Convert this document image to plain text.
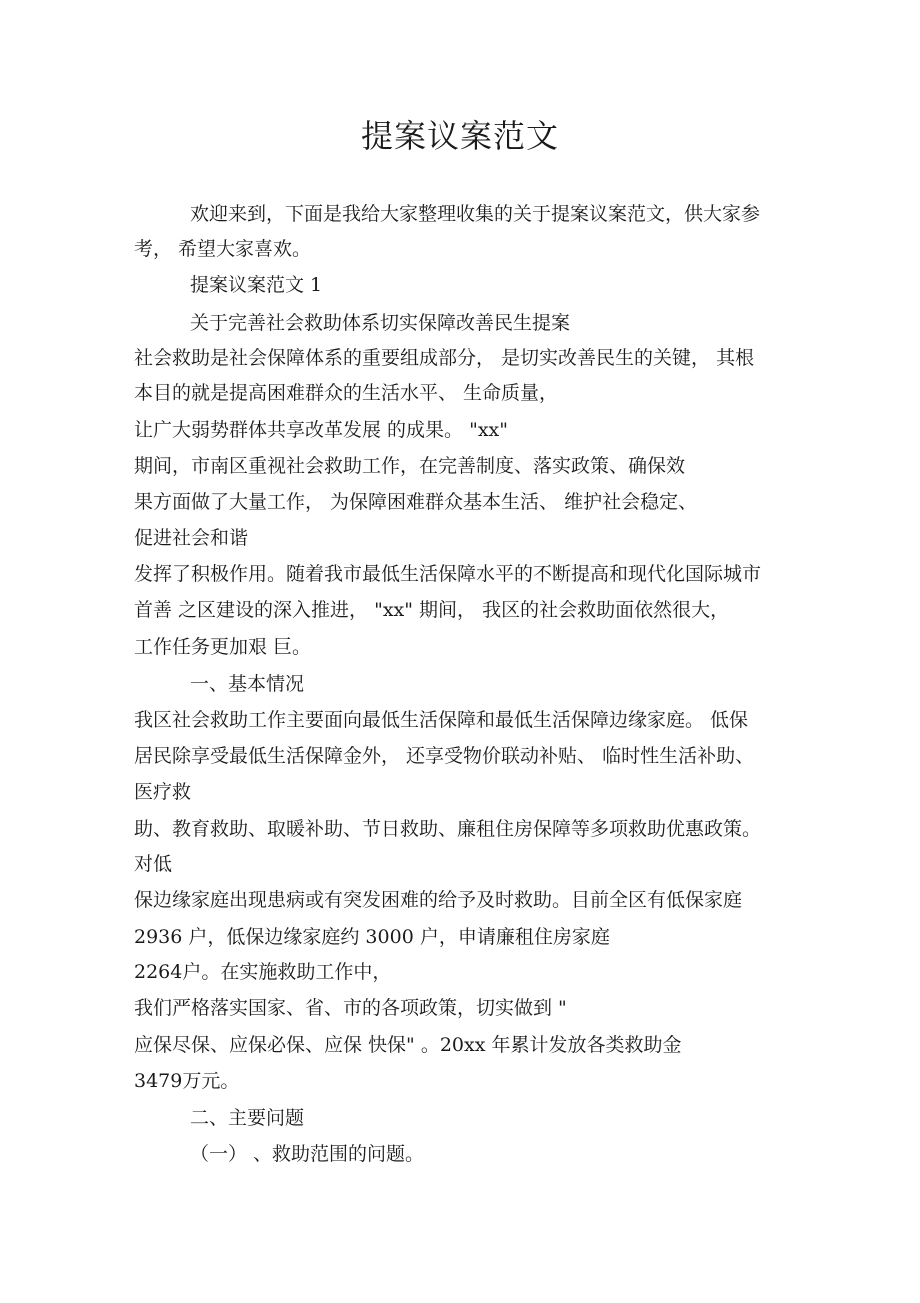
提案议案范文
欢迎来到，下面是我给大家整理收集的关于提案议案范文，供大家参
考， 希望大家喜欢。
提案议案范文 1
关于完善社会救助体系切实保障改善民生提案
社会救助是社会保障体系的重要组成部分， 是切实改善民生的关键， 其根
本目的就是提高困难群众的生活水平、 生命质量，
让广大弱势群体共享改革发展 的成果。 "xx"
期间，市南区重视社会救助工作，在完善制度、落实政策、确保效
果方面做了大量工作， 为保障困难群众基本生活、 维护社会稳定、
促进社会和谐
发挥了积极作用。随着我市最低生活保障水平的不断提高和现代化国际城市
首善 之区建设的深入推进， "xx" 期间， 我区的社会救助面依然很大，
工作任务更加艰 巨。
一、基本情况
我区社会救助工作主要面向最低生活保障和最低生活保障边缘家庭。 低保
居民除享受最低生活保障金外， 还享受物价联动补贴、 临时性生活补助、
医疗救
助、教育救助、取暖补助、节日救助、廉租住房保障等多项救助优惠政策。
对低
保边缘家庭出现患病或有突发困难的给予及时救助。目前全区有低保家庭
2936 户，低保边缘家庭约 3000 户，申请廉租住房家庭
2264户。在实施救助工作中，
我们严格落实国家、省、市的各项政策，切实做到 "
应保尽保、应保必保、应保 快保" 。20xx 年累计发放各类救助金
3479万元。
二、主要问题
（一） 、救助范围的问题。
